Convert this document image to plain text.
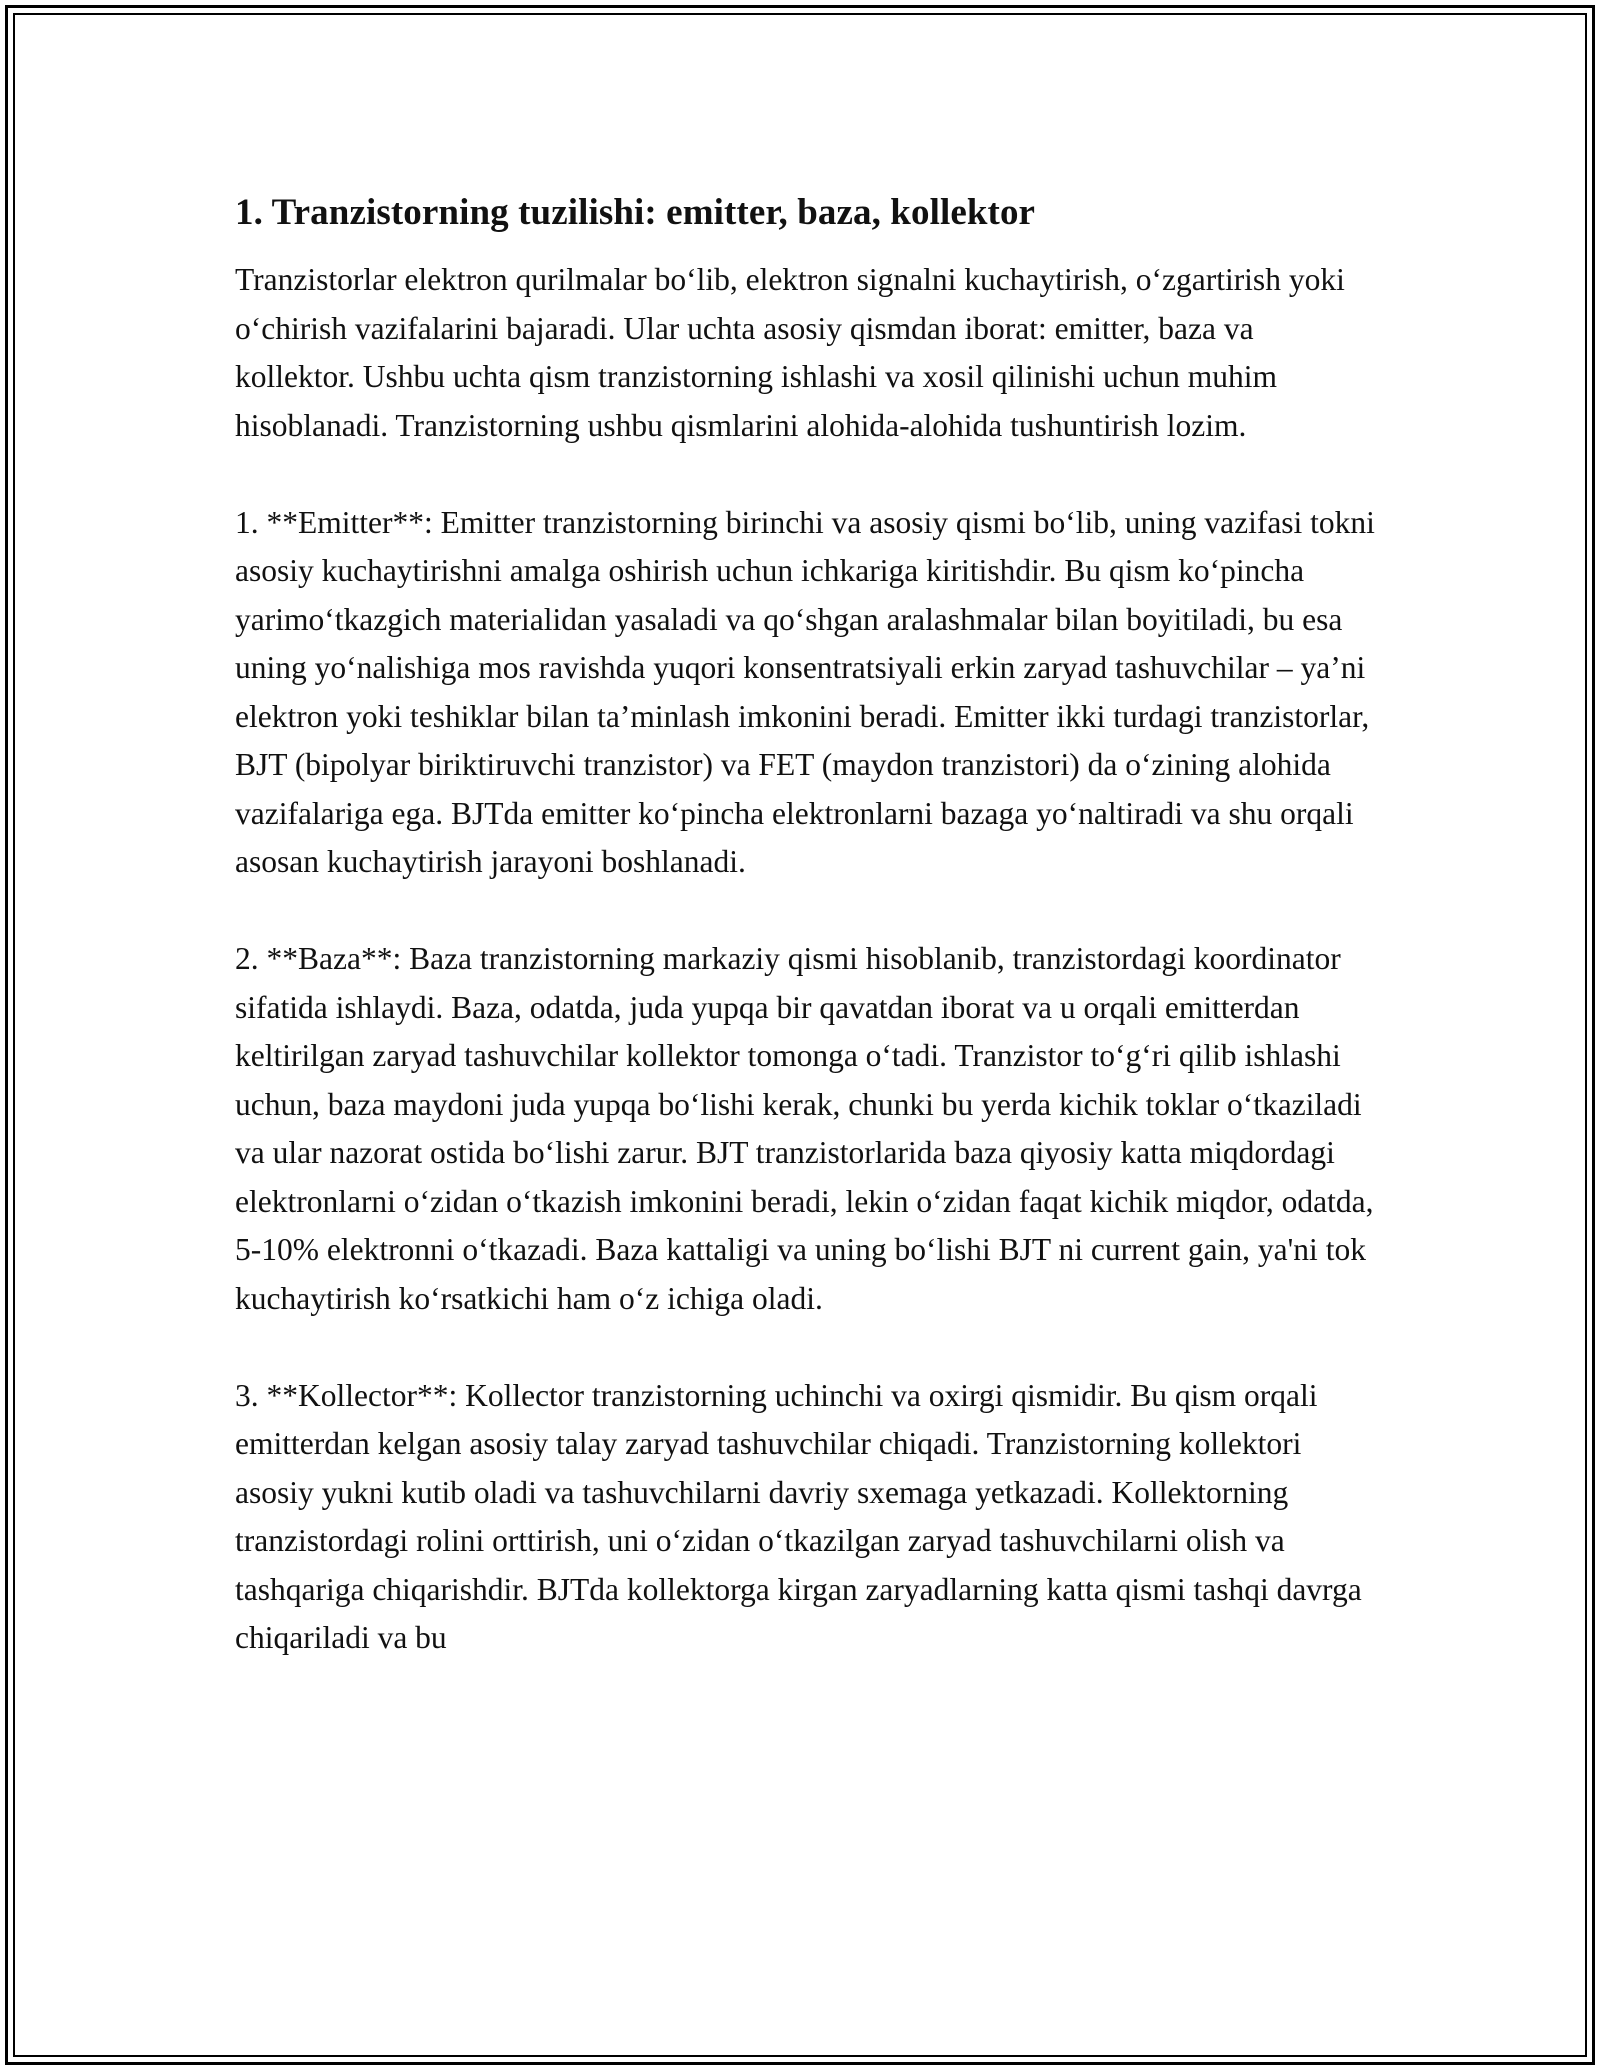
1. Tranzistorning tuzilishi: emitter, baza, kollektor

Tranzistorlar elektron qurilmalar bo‘lib, elektron signalni kuchaytirish, o‘zgartirish yoki o‘chirish vazifalarini bajaradi. Ular uchta asosiy qismdan iborat: emitter, baza va kollektor. Ushbu uchta qism tranzistorning ishlashi va xosil qilinishi uchun muhim hisoblanadi. Tranzistorning ushbu qismlarini alohida-alohida tushuntirish lozim.

1. **Emitter**: Emitter tranzistorning birinchi va asosiy qismi bo‘lib, uning vazifasi tokni asosiy kuchaytirishni amalga oshirish uchun ichkariga kiritishdir. Bu qism ko‘pincha yarimo‘tkazgich materialidan yasaladi va qo‘shgan aralashmalar bilan boyitiladi, bu esa uning yo‘nalishiga mos ravishda yuqori konsentratsiyali erkin zaryad tashuvchilar – ya’ni elektron yoki teshiklar bilan ta’minlash imkonini beradi. Emitter ikki turdagi tranzistorlar, BJT (bipolyar biriktiruvchi tranzistor) va FET (maydon tranzistori) da o‘zining alohida vazifalariga ega. BJTda emitter ko‘pincha elektronlarni bazaga yo‘naltiradi va shu orqali asosan kuchaytirish jarayoni boshlanadi.

2. **Baza**: Baza tranzistorning markaziy qismi hisoblanib, tranzistordagi koordinator sifatida ishlaydi. Baza, odatda, juda yupqa bir qavatdan iborat va u orqali emitterdan keltirilgan zaryad tashuvchilar kollektor tomonga o‘tadi. Tranzistor to‘g‘ri qilib ishlashi uchun, baza maydoni juda yupqa bo‘lishi kerak, chunki bu yerda kichik toklar o‘tkaziladi va ular nazorat ostida bo‘lishi zarur. BJT tranzistorlarida baza qiyosiy katta miqdordagi elektronlarni o‘zidan o‘tkazish imkonini beradi, lekin o‘zidan faqat kichik miqdor, odatda, 5-10% elektronni o‘tkazadi. Baza kattaligi va uning bo‘lishi BJT ni current gain, ya'ni tok kuchaytirish ko‘rsatkichi ham o‘z ichiga oladi.

3. **Kollector**: Kollector tranzistorning uchinchi va oxirgi qismidir. Bu qism orqali emitterdan kelgan asosiy talay zaryad tashuvchilar chiqadi. Tranzistorning kollektori asosiy yukni kutib oladi va tashuvchilarni davriy sxemaga yetkazadi. Kollektorning tranzistordagi rolini orttirish, uni o‘zidan o‘tkazilgan zaryad tashuvchilarni olish va tashqariga chiqarishdir. BJTda kollektorga kirgan zaryadlarning katta qismi tashqi davrga chiqariladi va bu
